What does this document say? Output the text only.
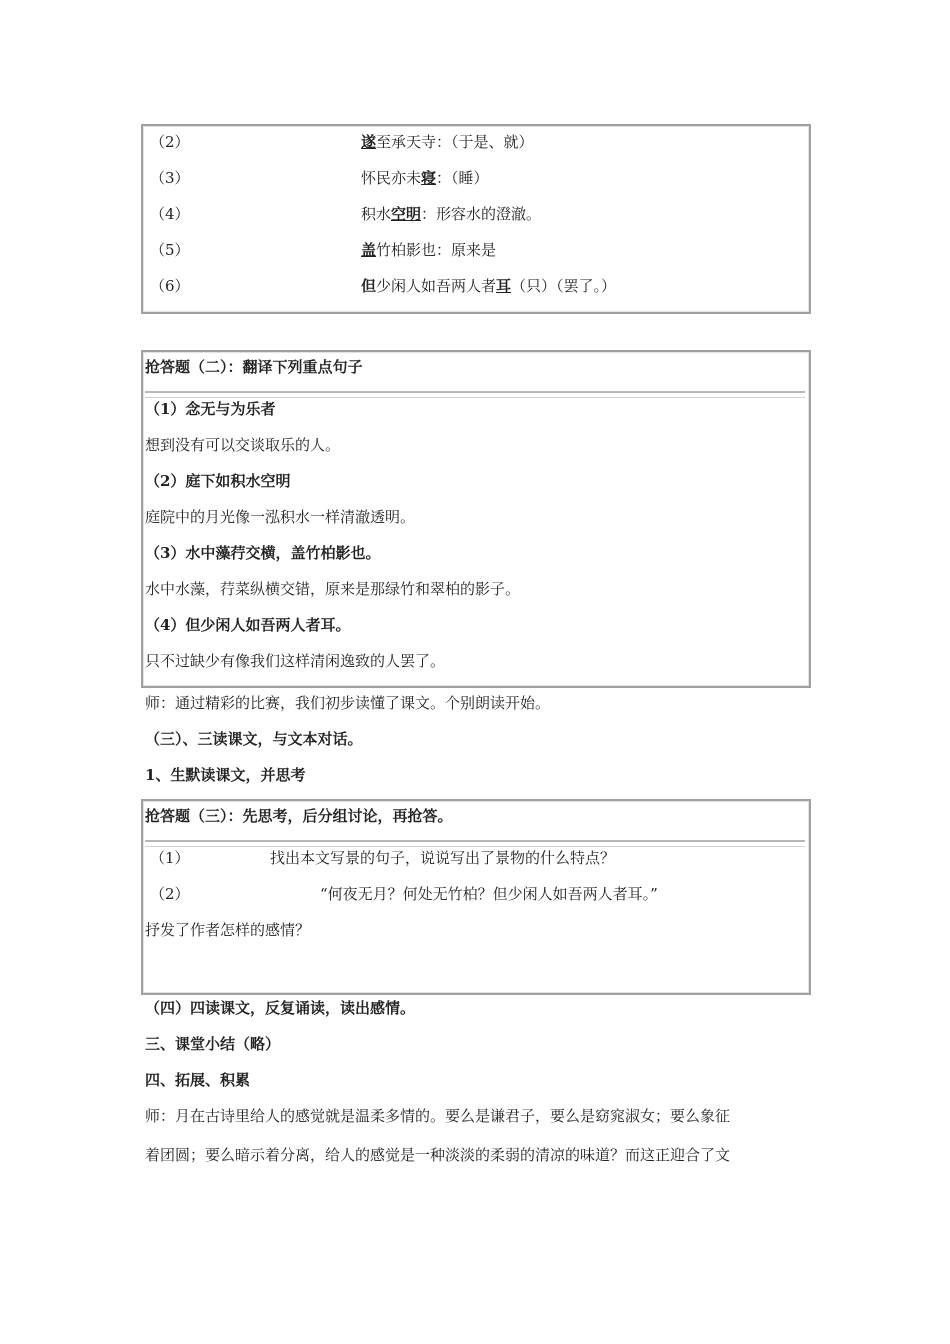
（2）	遂至承天寺：（于是、就）
（3）	怀民亦未寝：（睡）
（4）	积水空明：形容水的澄澈。
（5）	盖竹柏影也：原来是
（6）	但少闲人如吾两人者耳（只）（罢了。）
抢答题（二）：翻译下列重点句子
（1）念无与为乐者
想到没有可以交谈取乐的人。
（2）庭下如积水空明
庭院中的月光像一泓积水一样清澈透明。
（3）水中藻荇交横，盖竹柏影也。
水中水藻，荇菜纵横交错，原来是那绿竹和翠柏的影子。
（4）但少闲人如吾两人者耳。
只不过缺少有像我们这样清闲逸致的人罢了。
师：通过精彩的比赛，我们初步读懂了课文。个别朗读开始。
（三）、三读课文，与文本对话。
1、生默读课文，并思考
抢答题（三）：先思考，后分组讨论，再抢答。
（1）	找出本文写景的句子，说说写出了景物的什么特点？
（2）	“何夜无月？何处无竹柏？但少闲人如吾两人者耳。”
抒发了作者怎样的感情？
（四）四读课文，反复诵读，读出感情。
三、课堂小结（略）
四、拓展、积累
师：月在古诗里给人的感觉就是温柔多情的。要么是谦君子，要么是窈窕淑女；要么象征
着团圆；要么暗示着分离，给人的感觉是一种淡淡的柔弱的清凉的味道？而这正迎合了文
